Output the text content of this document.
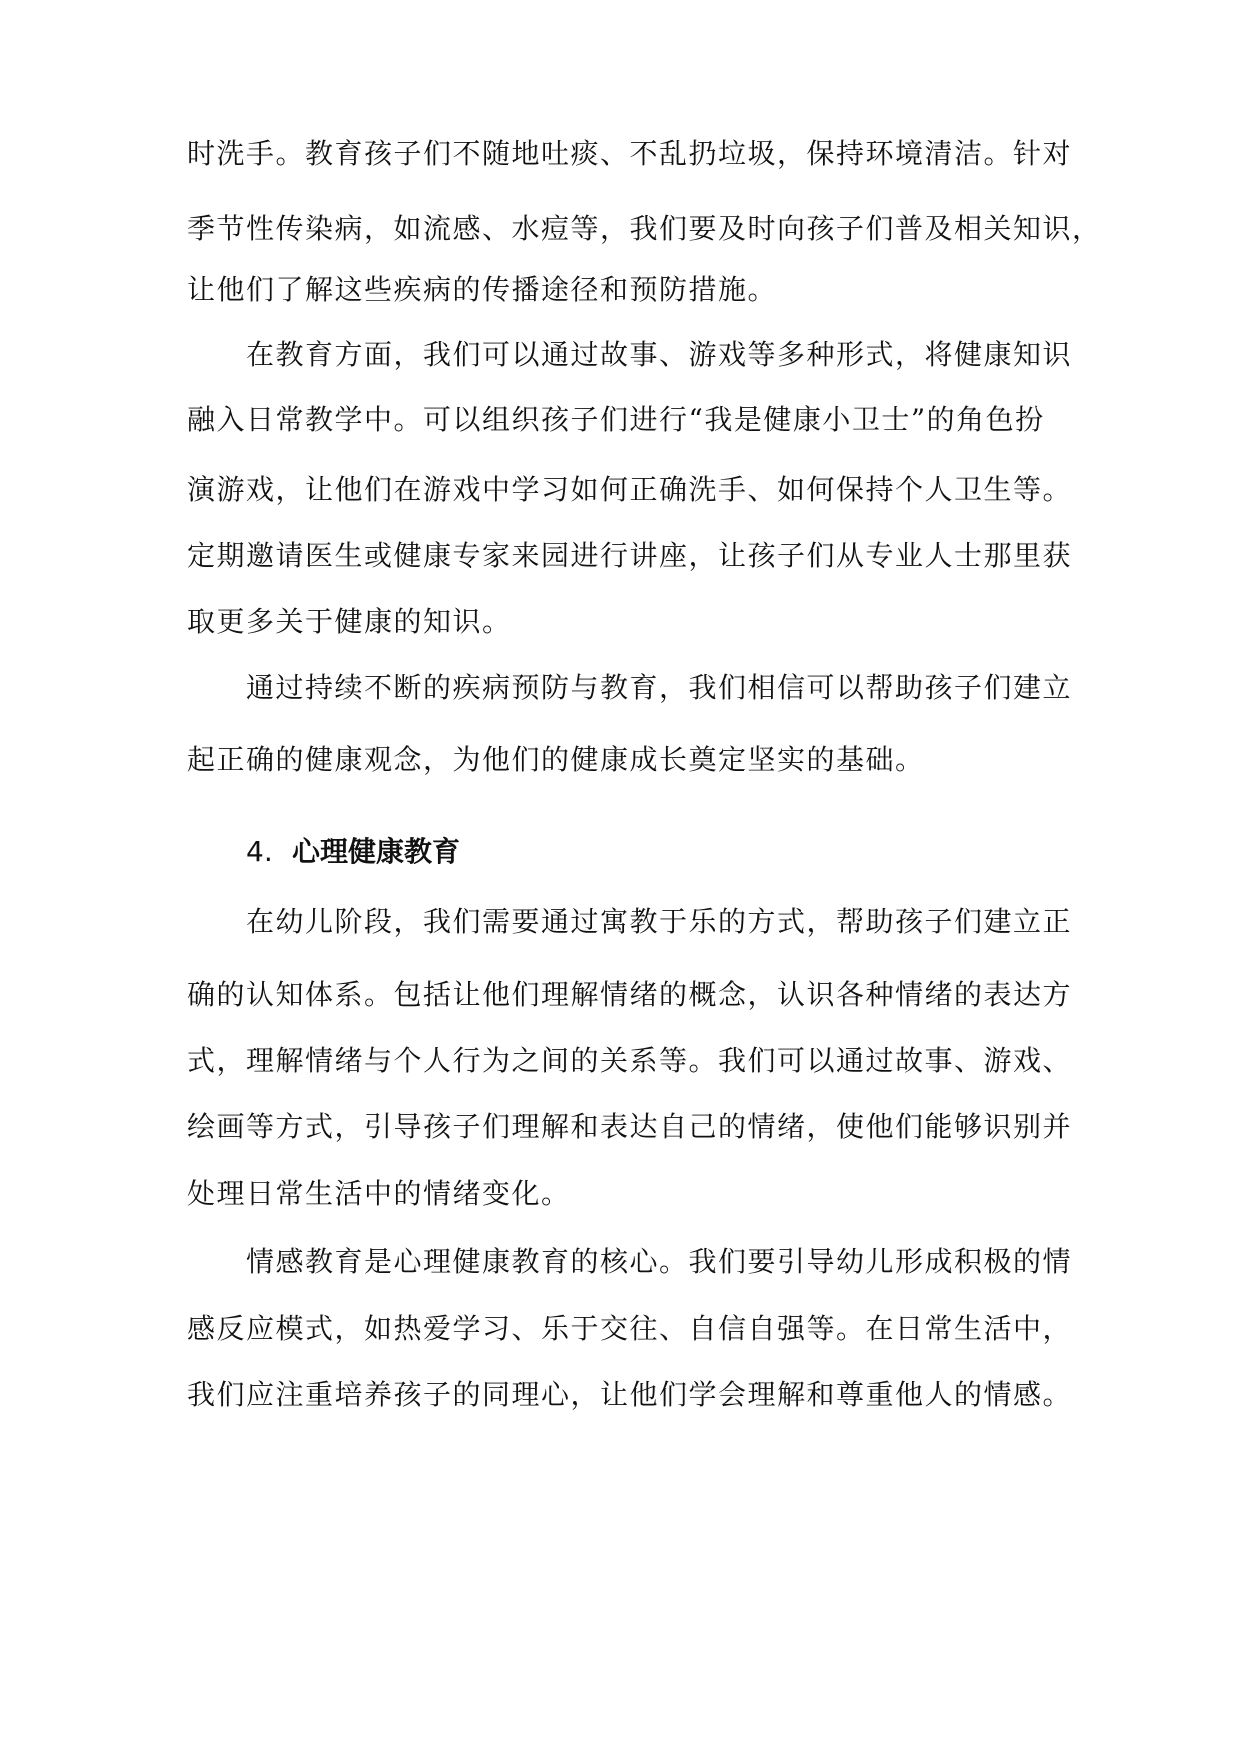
时洗手。教育孩子们不随地吐痰、不乱扔垃圾，保持环境清洁。针对
季节性传染病，如流感、水痘等，我们要及时向孩子们普及相关知识，
让他们了解这些疾病的传播途径和预防措施。
在教育方面，我们可以通过故事、游戏等多种形式，将健康知识
融入日常教学中。可以组织孩子们进行“我是健康小卫士”的角色扮
演游戏，让他们在游戏中学习如何正确洗手、如何保持个人卫生等。
定期邀请医生或健康专家来园进行讲座，让孩子们从专业人士那里获
取更多关于健康的知识。
通过持续不断的疾病预防与教育，我们相信可以帮助孩子们建立
起正确的健康观念，为他们的健康成长奠定坚实的基础。
4. 心理健康教育
在幼儿阶段，我们需要通过寓教于乐的方式，帮助孩子们建立正
确的认知体系。包括让他们理解情绪的概念，认识各种情绪的表达方
式，理解情绪与个人行为之间的关系等。我们可以通过故事、游戏、
绘画等方式，引导孩子们理解和表达自己的情绪，使他们能够识别并
处理日常生活中的情绪变化。
情感教育是心理健康教育的核心。我们要引导幼儿形成积极的情
感反应模式，如热爱学习、乐于交往、自信自强等。在日常生活中，
我们应注重培养孩子的同理心，让他们学会理解和尊重他人的情感。
